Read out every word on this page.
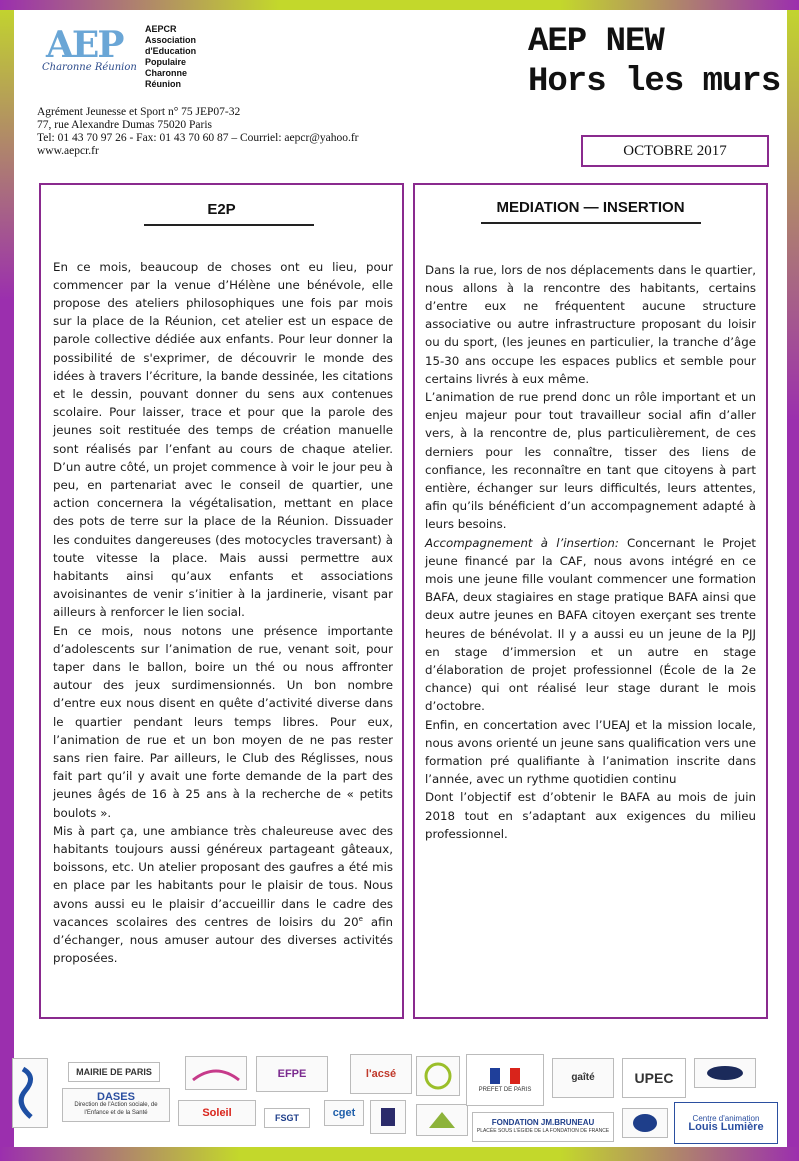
AEP
Charonne Réunion
AEPCR
Association
d'Education
Populaire
Charonne
Réunion
AEP NEW
Hors les murs
OCTOBRE 2017
Agrément Jeunesse et Sport n° 75 JEP07-32
77, rue Alexandre Dumas 75020 Paris
Tel: 01 43 70 97 26 - Fax: 01 43 70 60 87 – Courriel: aepcr@yahoo.fr
www.aepcr.fr
E2P

En ce mois, beaucoup de choses ont eu lieu, pour commencer par la venue d’Hélène une bénévole, elle propose des ateliers philosophiques une fois par mois sur la place de la Réunion, cet atelier est un espace de parole collective dédiée aux enfants. Pour leur donner la possibilité de s'exprimer, de découvrir le monde des idées à travers l’écriture, la bande dessinée, les citations et le dessin, pouvant donner du sens aux contenues scolaire. Pour laisser, trace et pour que la parole des jeunes soit restituée des temps de création manuelle sont réalisés par l’enfant au cours de chaque atelier. D’un autre côté, un projet commence à voir le jour peu à peu, en partenariat avec le conseil de quartier, une action concernera la végétalisation, mettant en place des pots de terre sur la place de la Réunion. Dissuader les conduites dangereuses (des motocycles traversant) à toute vitesse la place. Mais aussi permettre aux habitants ainsi qu’aux enfants et associations avoisinantes de venir s’initier à la jardinerie, visant par ailleurs à renforcer le lien social.

En ce mois, nous notons une présence importante d’adolescents sur l’animation de rue, venant soit, pour taper dans le ballon, boire un thé ou nous affronter autour des jeux surdimensionnés. Un bon nombre d’entre eux nous disent en quête d’activité diverse dans le quartier pendant leurs temps libres. Pour eux, l’animation de rue et un bon moyen de ne pas rester sans rien faire. Par ailleurs, le Club des Réglisses, nous fait part qu’il y avait une forte demande de la part des jeunes âgés de 16 à 25 ans à la recherche de « petits boulots ».

Mis à part ça, une ambiance très chaleureuse avec des habitants toujours aussi généreux partageant gâteaux, boissons, etc. Un atelier proposant des gaufres a été mis en place par les habitants pour le plaisir de tous. Nous avons aussi eu le plaisir d’accueillir dans le cadre des vacances scolaires des centres de loisirs du 20e afin d’échanger, nous amuser autour des diverses activités proposées.

MEDIATION — INSERTION

Dans la rue, lors de nos déplacements dans le quartier, nous allons à la rencontre des habitants, certains d’entre eux ne fréquentent aucune structure associative ou autre infrastructure proposant du loisir ou du sport, (les jeunes en particulier, la tranche d’âge 15-30 ans occupe les espaces publics et semble pour certains livrés à eux même.

L’animation de rue prend donc un rôle important et un enjeu majeur pour tout travailleur social afin d’aller vers, à la rencontre de, plus particulièrement, de ces derniers pour les connaître, tisser des liens de confiance, les reconnaître en tant que citoyens à part entière, échanger sur leurs difficultés, leurs attentes, afin qu’ils bénéficient d’un accompagnement adapté à leurs besoins.

Accompagnement à l’insertion: Concernant le Projet jeune financé par la CAF, nous avons intégré en ce mois une jeune fille voulant commencer une formation BAFA, deux stagiaires en stage pratique BAFA ainsi que deux autre jeunes en BAFA citoyen exerçant ses trente heures de bénévolat. Il y a aussi eu un jeune de la PJJ en stage d’immersion et un autre en stage d’élaboration de projet professionnel (École de la 2e chance) qui ont réalisé leur stage durant le mois d’octobre.

Enfin, en concertation avec l’UEAJ et la mission locale, nous avons orienté un jeune sans qualification vers une formation pré qualifiante à l’animation inscrite dans l’année, avec un rythme quotidien continu

Dont l’objectif est d’obtenir le BAFA au mois de juin 2018 tout en s’adaptant aux exigences du milieu professionnel.

MAIRIE DE PARIS
DASES
Direction de l'Action sociale, de l'Enfance et de la Santé	Soleil
EFPE
FSGT
l'acsé
cget
PREFET DE PARIS
FONDATION JM.BRUNEAU
PLACÉE SOUS L'ÉGIDE DE LA FONDATION DE FRANCE
gaîté	UPEC
Centre d'animation
Louis Lumière
